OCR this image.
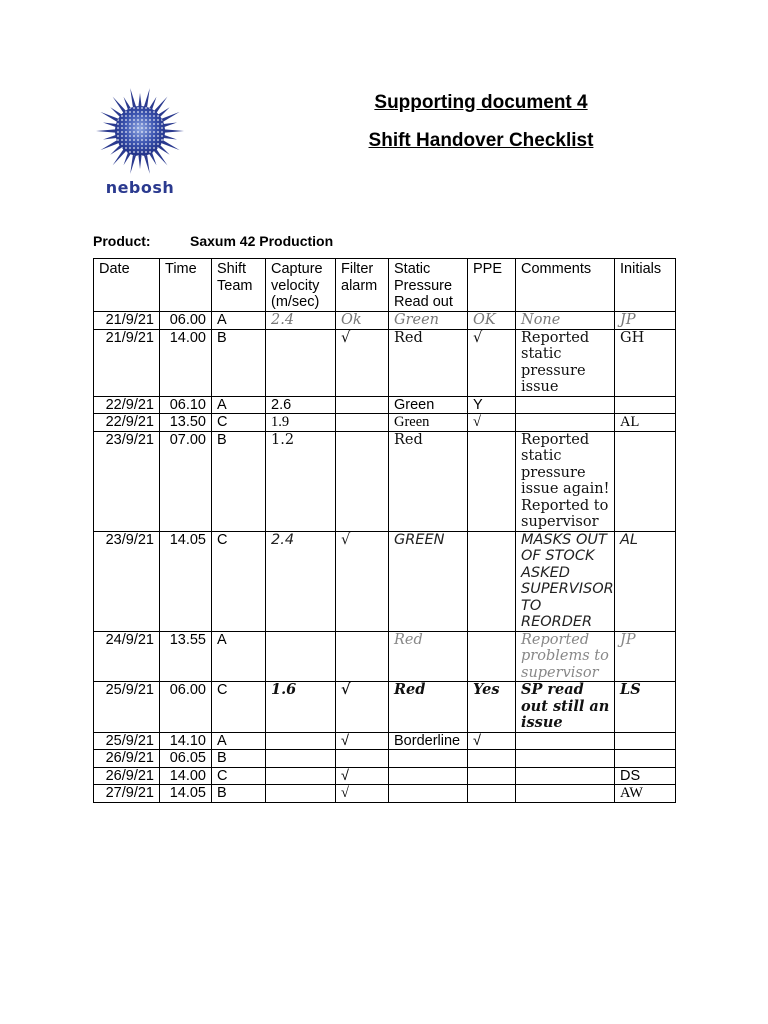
nebosh
Supporting document 4
Shift Handover Checklist
Product:	Saxum 42 Production
Date	Time	Shift Team	Capture velocity (m/sec)	Filter alarm	Static Pressure Read out	PPE	Comments	Initials
21/9/21	06.00	A	2.4	Ok	Green	OK	None	JP
21/9/21	14.00	B		√	Red	√	Reported static pressure issue	GH
22/9/21	06.10	A	2.6		Green	Y		
22/9/21	13.50	C	1.9		Green	√		AL
23/9/21	07.00	B	1.2		Red		Reported static pressure issue again! Reported to supervisor	
23/9/21	14.05	C	2.4	√	GREEN		MASKS OUT OF STOCK ASKED SUPERVISOR TO REORDER	AL
24/9/21	13.55	A			Red		Reported problems to supervisor	JP
25/9/21	06.00	C	1.6	√	Red	Yes	SP read out still an issue	LS
25/9/21	14.10	A		√	Borderline	√		
26/9/21	06.05	B						
26/9/21	14.00	C		√				DS
27/9/21	14.05	B		√				AW
